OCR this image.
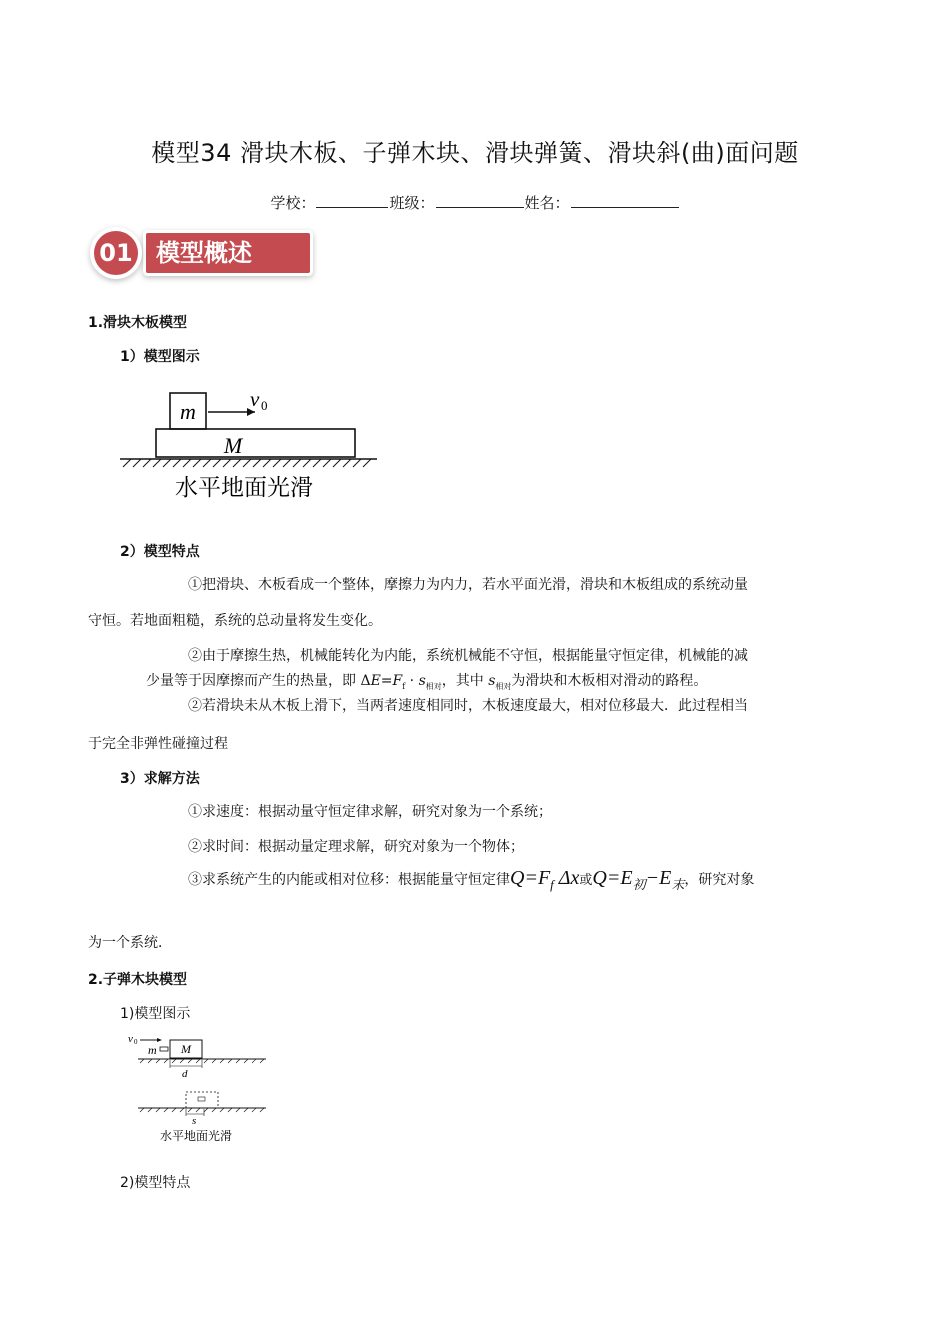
模型34 滑块木板、子弹木块、滑块弹簧、滑块斜(曲)面问题
学校：	班级：	姓名：
01 模型概述
1.滑块木板模型
1）模型图示
m	v 0
M
水平地面光滑
2）模型特点
①把滑块、木板看成一个整体，摩擦力为内力，若水平面光滑，滑块和木板组成的系统动量
守恒。若地面粗糙，系统的总动量将发生变化。
②由于摩擦生热，机械能转化为内能，系统机械能不守恒，根据能量守恒定律，机械能的减
少量等于因摩擦而产生的热量，即 $\Delta E=F_f \cdot s_{相对}$，其中 $s_{相对}$为滑块和木板相对滑动的路程。
②若滑块未从木板上滑下，当两者速度相同时，木板速度最大，相对位移最大．此过程相当
于完全非弹性碰撞过程
3）求解方法
①求速度：根据动量守恒定律求解，研究对象为一个系统；
②求时间：根据动量定理求解，研究对象为一个物体；
③求系统产生的内能或相对位移：根据能量守恒定律$Q=F_f$ Δx或$Q=E_初-E_末$，研究对象
为一个系统．
2.子弹木块模型
1)模型图示
v 0
m M
d
s
水平地面光滑
2)模型特点
